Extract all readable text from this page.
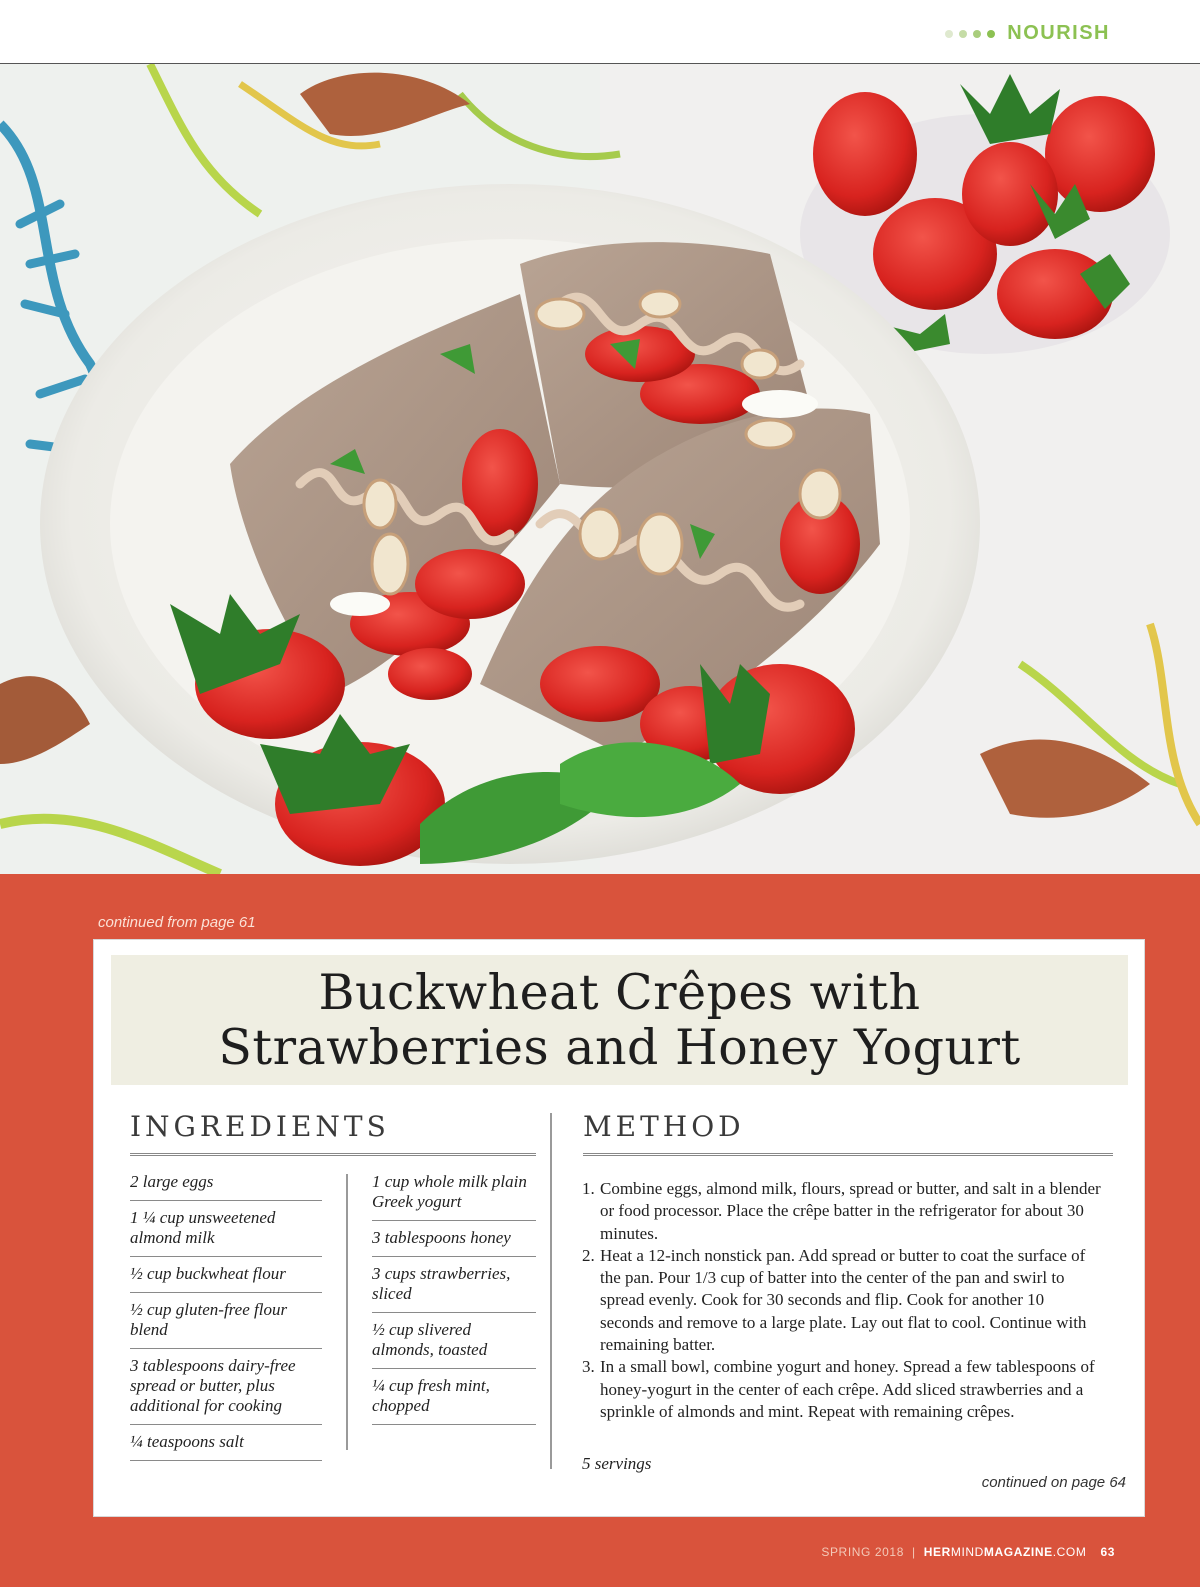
NOURISH
continued from page 61
Buckwheat Crêpes with
Strawberries and Honey Yogurt
INGREDIENTS
2 large eggs
1 ¼ cup unsweetened almond milk
½ cup buckwheat flour
½ cup gluten-free flour blend
3 tablespoons dairy-free spread or butter, plus additional for cooking
¼ teaspoons salt
1 cup whole milk plain Greek yogurt
3 tablespoons honey
3 cups strawberries, sliced
½ cup slivered almonds, toasted
¼ cup fresh mint, chopped
METHOD
1. Combine eggs, almond milk, flours, spread or butter, and salt in a blender or food processor. Place the crêpe batter in the refrigerator for about 30 minutes.
2. Heat a 12-inch nonstick pan. Add spread or butter to coat the surface of the pan. Pour 1/3 cup of batter into the center of the pan and swirl to spread evenly. Cook for 30 seconds and flip. Cook for another 10 seconds and remove to a large plate. Lay out flat to cool. Continue with remaining batter.
3. In a small bowl, combine yogurt and honey. Spread a few tablespoons of honey-yogurt in the center of each crêpe. Add sliced strawberries and a sprinkle of almonds and mint. Repeat with remaining crêpes.
5 servings
continued on page 64
SPRING 2018 | HERMINDMAGAZINE.COM 63
